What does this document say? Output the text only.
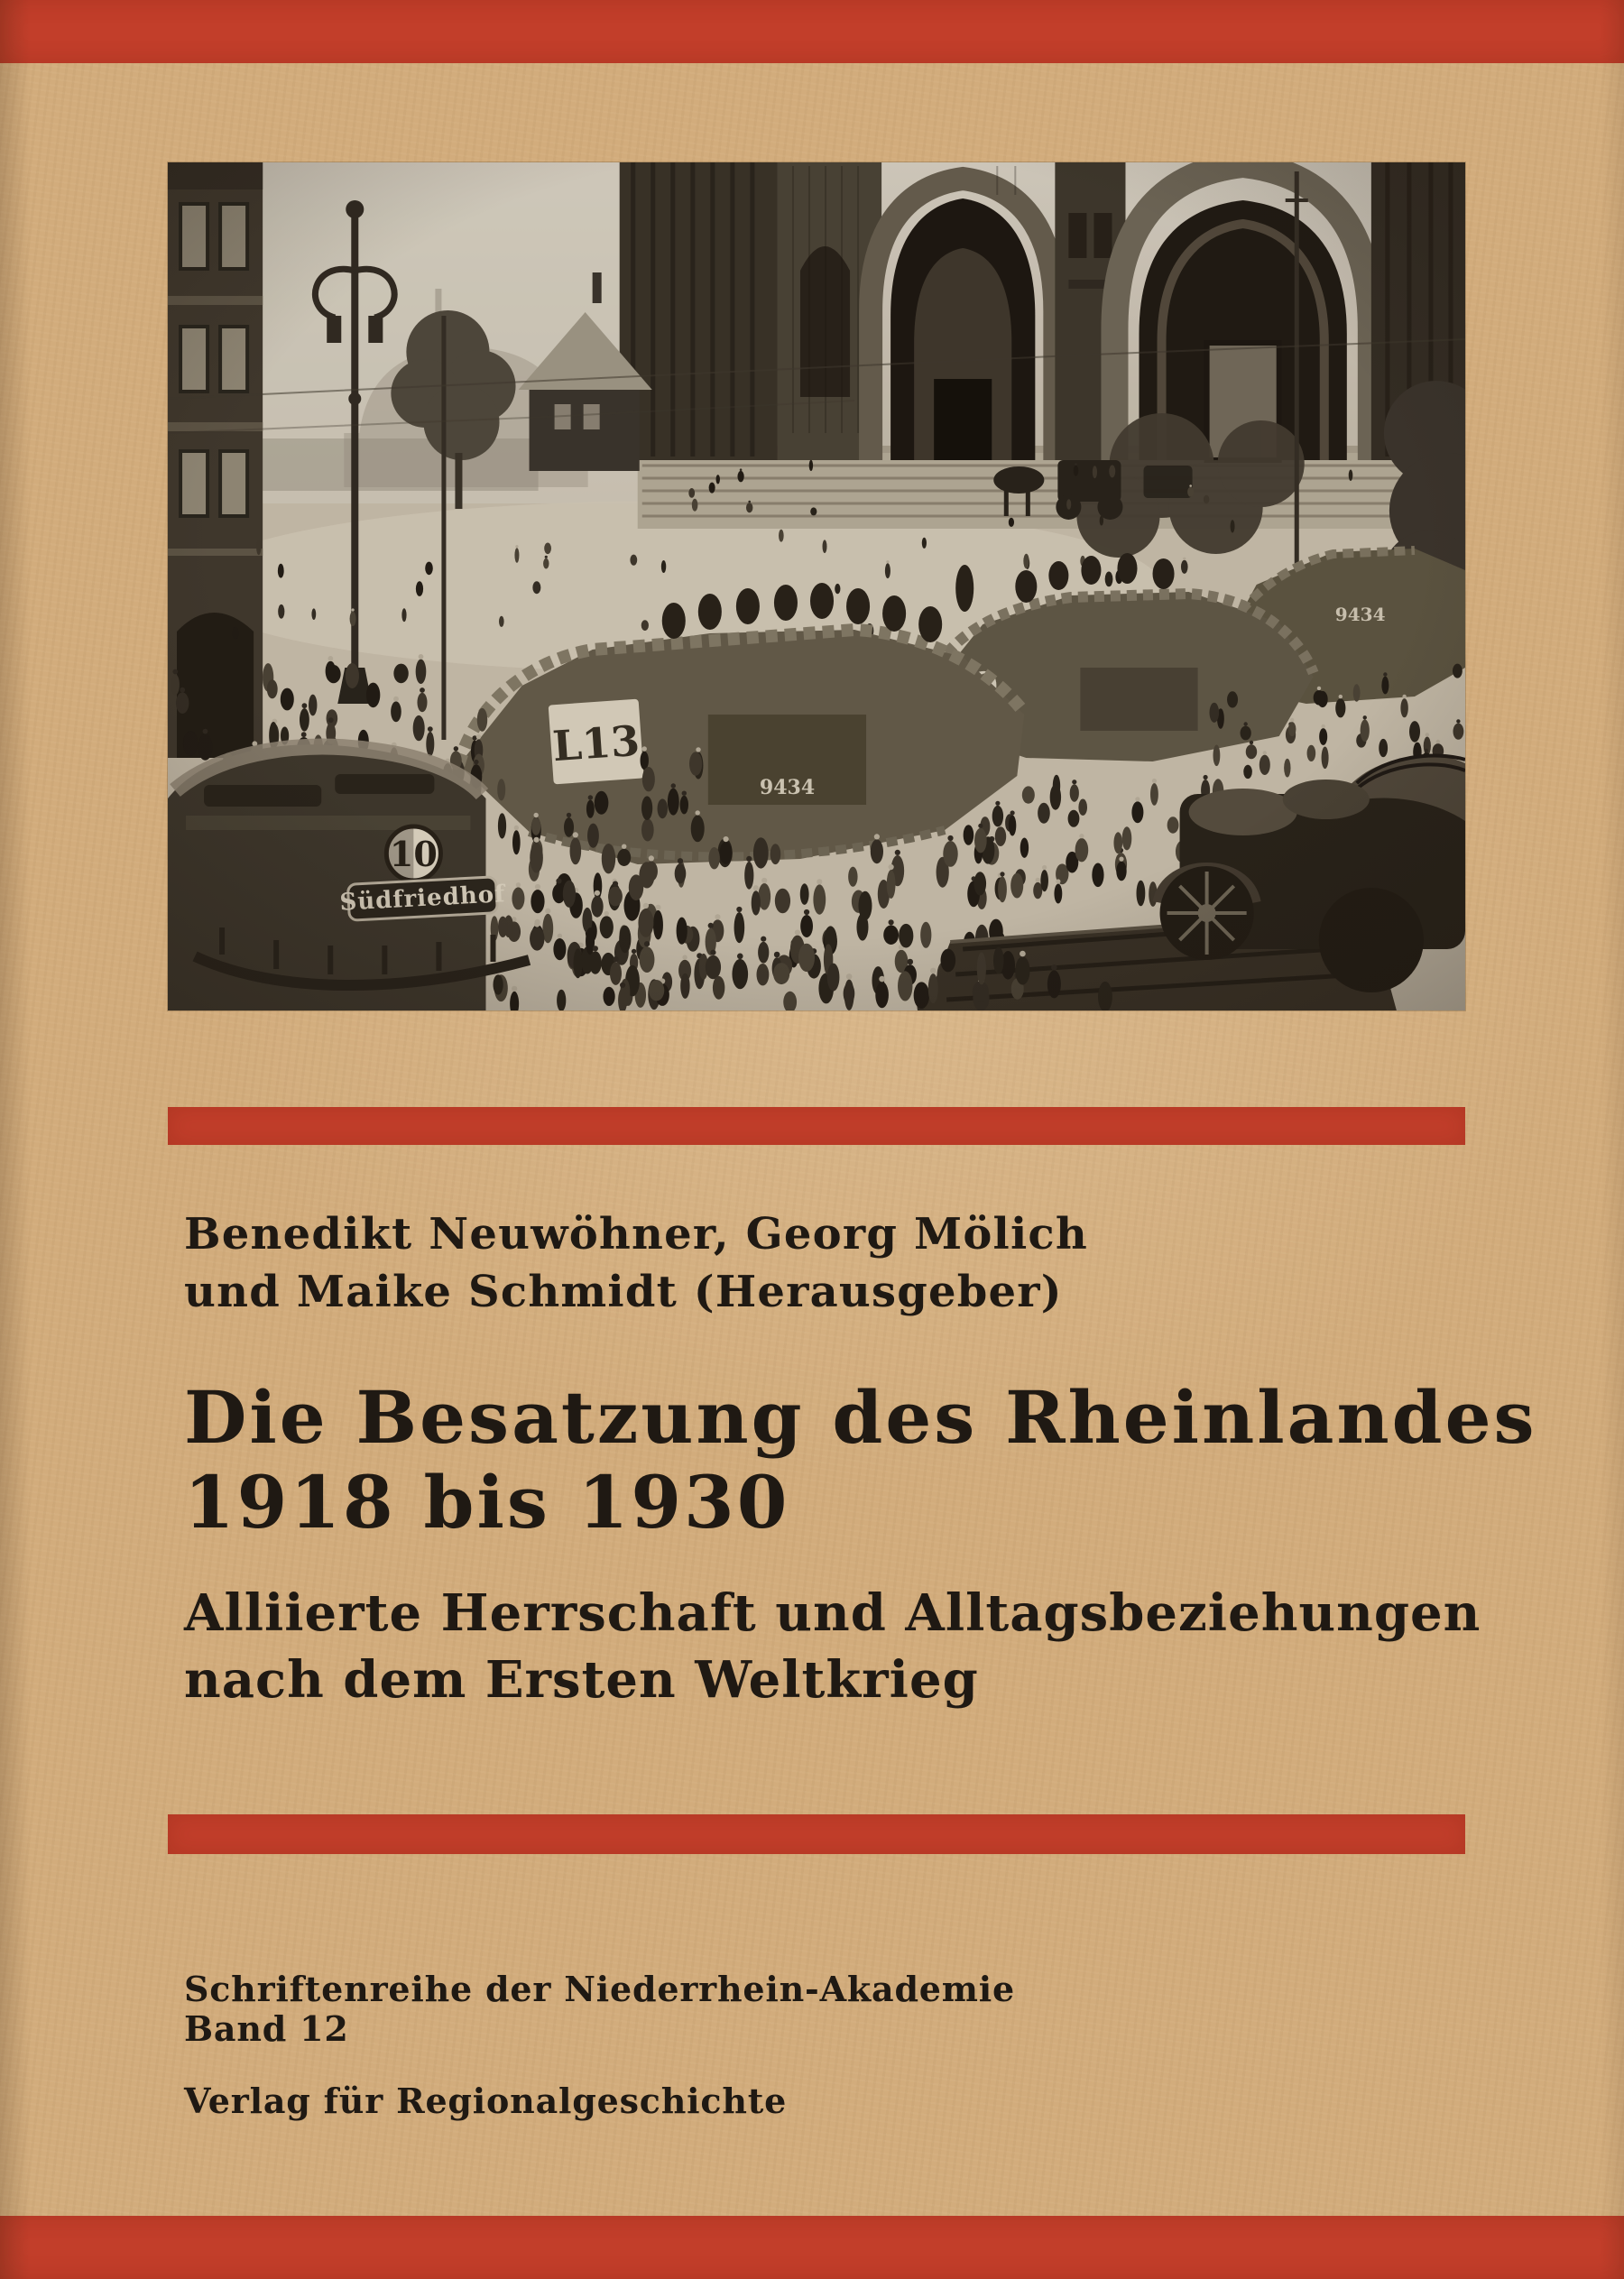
Benedikt Neuwöhner, Georg Mölich
und Maike Schmidt (Herausgeber)
Die Besatzung des Rheinlandes
1918 bis 1930
Alliierte Herrschaft und Alltagsbeziehungen
nach dem Ersten Weltkrieg
Schriftenreihe der Niederrhein-Akademie
Band 12
Verlag für Regionalgeschichte
